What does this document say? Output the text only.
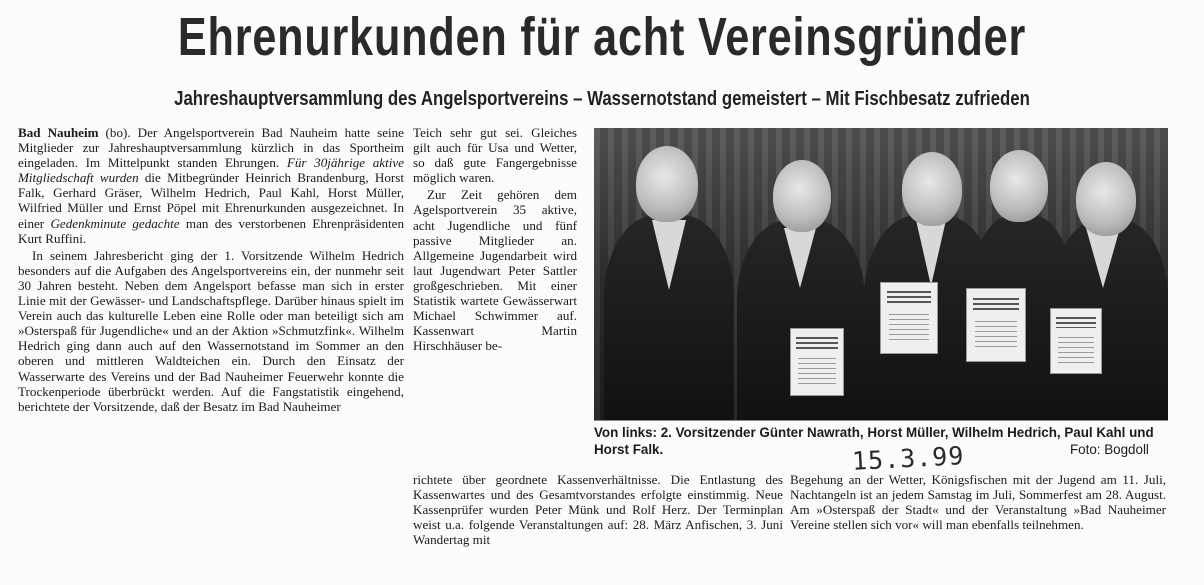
Ehrenurkunden für acht Vereinsgründer
Jahreshauptversammlung des Angelsportvereins – Wassernotstand gemeistert – Mit Fischbesatz zufrieden

Bad Nauheim (bo). Der Angelsportverein Bad Nauheim hatte seine Mitglieder zur Jahreshauptversammlung kürzlich in das Sportheim eingeladen. Im Mittelpunkt standen Ehrungen. Für 30jährige aktive Mitgliedschaft wurden die Mitbegründer Heinrich Brandenburg, Horst Falk, Gerhard Gräser, Wilhelm Hedrich, Paul Kahl, Horst Müller, Wilfried Müller und Ernst Pöpel mit Ehrenurkunden ausgezeichnet. In einer Gedenkminute gedachte man des verstorbenen Ehrenpräsidenten Kurt Ruffini.

In seinem Jahresbericht ging der 1. Vorsitzende Wilhelm Hedrich besonders auf die Aufgaben des Angelsportvereins ein, der nunmehr seit 30 Jahren besteht. Neben dem Angelsport befasse man sich in erster Linie mit der Gewässer- und Landschaftspflege. Darüber hinaus spielt im Verein auch das kulturelle Leben eine Rolle oder man beteiligt sich am »Osterspaß für Jugendliche« und an der Aktion »Schmutzfink«. Wilhelm Hedrich ging dann auch auf den Wassernotstand im Sommer an den oberen und mittleren Waldteichen ein. Durch den Einsatz der Wasserwarte des Vereins und der Bad Nauheimer Feuerwehr konnte die Trockenperiode überbrückt werden. Auf die Fangstatistik eingehend, berichtete der Vorsitzende, daß der Besatz im Bad Nauheimer

Teich sehr gut sei. Gleiches gilt auch für Usa und Wetter, so daß gute Fangergebnisse möglich waren.

Zur Zeit gehören dem Agelsportverein 35 aktive, acht Jugendliche und fünf passive Mitglieder an. Allgemeine Jugendarbeit wird laut Jugendwart Peter Sattler großgeschrieben. Mit einer Statistik wartete Gewässerwart Michael Schwimmer auf. Kassenwart Martin Hirschhäuser be-

Von links: 2. Vorsitzender Günter Nawrath, Horst Müller, Wilhelm Hedrich, Paul Kahl und Horst Falk.	Foto: Bogdoll
15.3.99

richtete über geordnete Kassenverhältnisse. Die Entlastung des Kassenwartes und des Gesamtvorstandes erfolgte einstimmig. Neue Kassenprüfer wurden Peter Münk und Rolf Herz. Der Terminplan weist u.a. folgende Veranstaltungen auf: 28. März Anfischen, 3. Juni Wandertag mit

Begehung an der Wetter, Königsfischen mit der Jugend am 11. Juli, Nachtangeln ist an jedem Samstag im Juli, Sommerfest am 28. August. Am »Osterspaß der Stadt« und der Veranstaltung »Bad Nauheimer Vereine stellen sich vor« will man ebenfalls teilnehmen.
